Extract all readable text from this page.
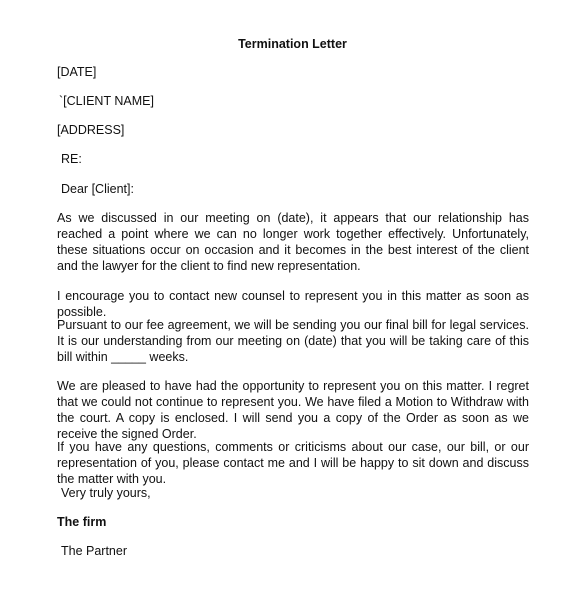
Termination Letter
[DATE]
`[CLIENT NAME]
[ADDRESS]
RE:
Dear [Client]:
As we discussed in our meeting on (date), it appears that our relationship has reached a point where we can no longer work together effectively. Unfortunately, these situations occur on occasion and it becomes in the best interest of the client and the lawyer for the client to find new representation.
I encourage you to contact new counsel to represent you in this matter as soon as possible.
Pursuant to our fee agreement, we will be sending you our final bill for legal services. It is our understanding from our meeting on (date) that you will be taking care of this bill within _____ weeks.
We are pleased to have had the opportunity to represent you on this matter. I regret that we could not continue to represent you. We have filed a Motion to Withdraw with the court. A copy is enclosed. I will send you a copy of the Order as soon as we receive the signed Order.
If you have any questions, comments or criticisms about our case, our bill, or our representation of you, please contact me and I will be happy to sit down and discuss the matter with you.
Very truly yours,
The firm
The Partner
